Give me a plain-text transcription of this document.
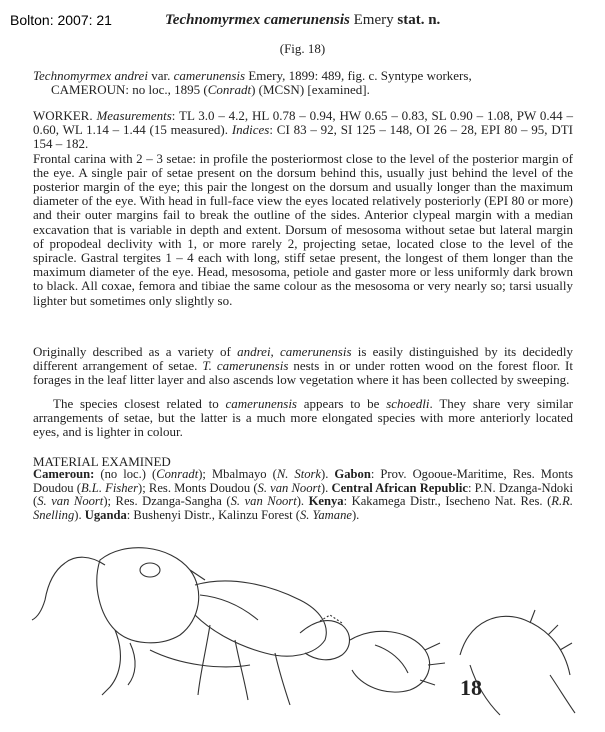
Bolton: 2007: 21	Technomyrmex camerunensis Emery stat. n.
(Fig. 18)
Technomyrmex andrei var. camerunensis Emery, 1899: 489, fig. c. Syntype workers,
CAMEROUN: no loc., 1895 (Conradt) (MCSN) [examined].
WORKER. Measurements: TL 3.0 – 4.2, HL 0.78 – 0.94, HW 0.65 – 0.83, SL 0.90 – 1.08, PW 0.44 – 0.60, WL 1.14 – 1.44 (15 measured). Indices: CI 83 – 92, SI 125 – 148, OI 26 – 28, EPI 80 – 95, DTI 154 – 182.
Frontal carina with 2 – 3 setae: in profile the posteriormost close to the level of the posterior margin of the eye. A single pair of setae present on the dorsum behind this, usually just behind the level of the posterior margin of the eye; this pair the longest on the dorsum and usually longer than the maximum diameter of the eye. With head in full-face view the eyes located relatively posteriorly (EPI 80 or more) and their outer margins fail to break the outline of the sides. Anterior clypeal margin with a median excavation that is variable in depth and extent. Dorsum of mesosoma without setae but lateral margin of propodeal declivity with 1, or more rarely 2, projecting setae, located close to the level of the spiracle. Gastral tergites 1 – 4 each with long, stiff setae present, the longest of them longer than the maximum diameter of the eye. Head, mesosoma, petiole and gaster more or less uniformly dark brown to black. All coxae, femora and tibiae the same colour as the mesosoma or very nearly so; tarsi usually lighter but sometimes only slightly so.
Originally described as a variety of andrei, camerunensis is easily distinguished by its decidedly different arrangement of setae. T. camerunensis nests in or under rotten wood on the forest floor. It forages in the leaf litter layer and also ascends low vegetation where it has been collected by sweeping.
The species closest related to camerunensis appears to be schoedli. They share very similar arrangements of setae, but the latter is a much more elongated species with more anteriorly located eyes, and is lighter in colour.
MATERIAL EXAMINED
Cameroun: (no loc.) (Conradt); Mbalmayo (N. Stork). Gabon: Prov. Ogooue-Maritime, Res. Monts Doudou (B.L. Fisher); Res. Monts Doudou (S. van Noort). Central African Republic: P.N. Dzanga-Ndoki (S. van Noort); Res. Dzanga-Sangha (S. van Noort). Kenya: Kakamega Distr., Isecheno Nat. Res. (R.R. Snelling). Uganda: Bushenyi Distr., Kalinzu Forest (S. Yamane).
18
